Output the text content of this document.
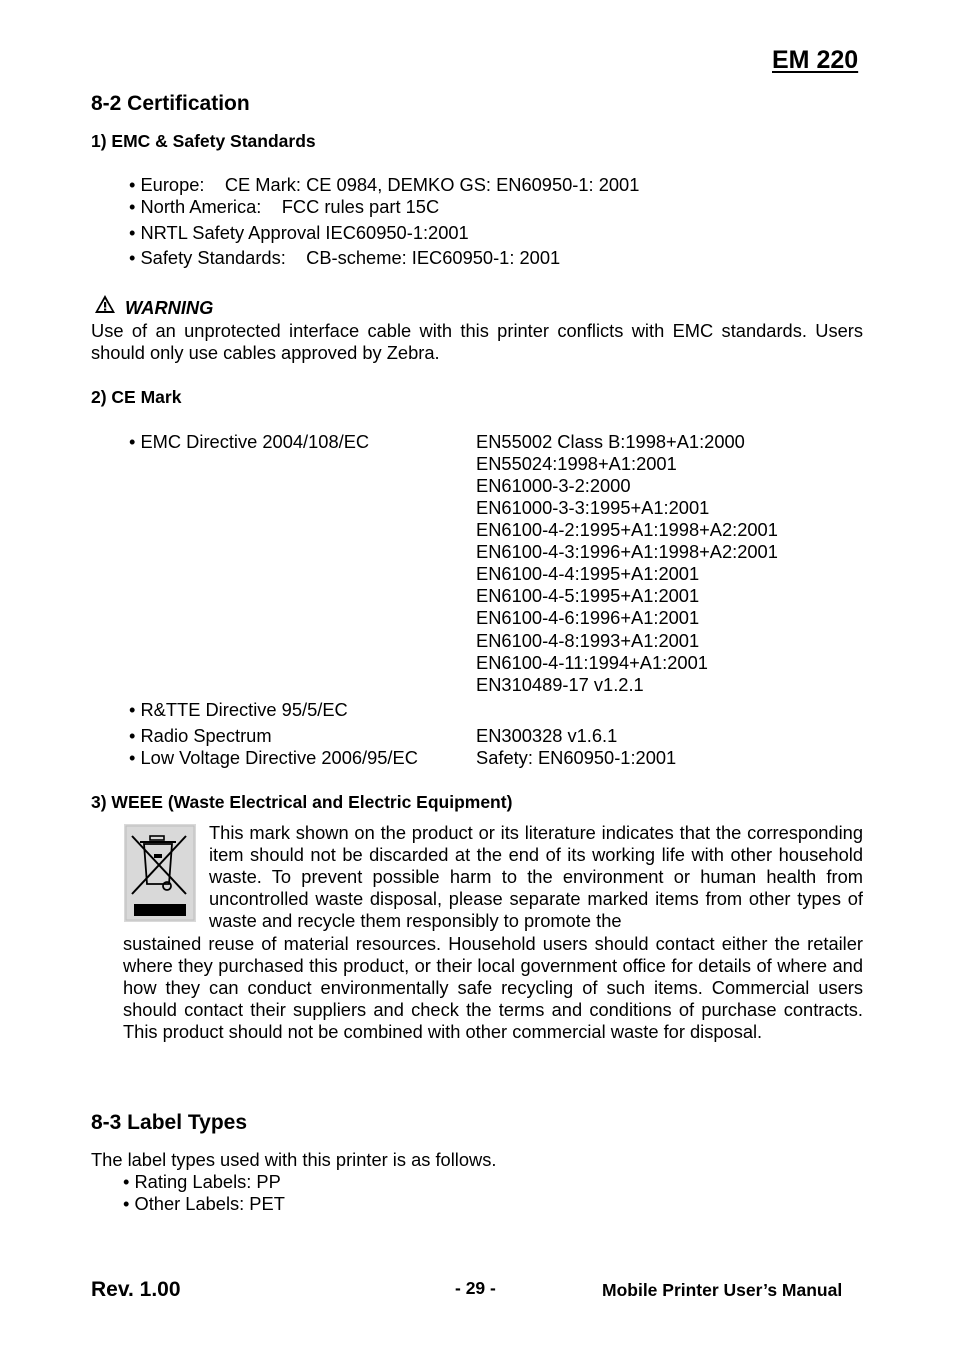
EM 220
8-2 Certification
1) EMC & Safety Standards
• Europe:    CE Mark: CE 0984, DEMKO GS: EN60950-1: 2001
• North America:    FCC rules part 15C
• NRTL Safety Approval IEC60950-1:2001
• Safety Standards:    CB-scheme: IEC60950-1: 2001
WARNING
Use of an unprotected interface cable with this printer conflicts with EMC standards. Users should only use cables approved by Zebra.
2) CE Mark
• EMC Directive 2004/108/EC	EN55002 Class B:1998+A1:2000
EN55024:1998+A1:2001
EN61000-3-2:2000
EN61000-3-3:1995+A1:2001
EN6100-4-2:1995+A1:1998+A2:2001
EN6100-4-3:1996+A1:1998+A2:2001
EN6100-4-4:1995+A1:2001
EN6100-4-5:1995+A1:2001
EN6100-4-6:1996+A1:2001
EN6100-4-8:1993+A1:2001
EN6100-4-11:1994+A1:2001
EN310489-17 v1.2.1
• R&TTE Directive 95/5/EC
• Radio Spectrum	EN300328 v1.6.1
• Low Voltage Directive 2006/95/EC	Safety: EN60950-1:2001
3) WEEE (Waste Electrical and Electric Equipment)
This mark shown on the product or its literature indicates that the corresponding item should not be discarded at the end of its working life with other household waste. To prevent possible harm to the environment or human health from uncontrolled waste disposal, please separate marked items from other types of waste and recycle them responsibly to promote the
sustained reuse of material resources. Household users should contact either the retailer where they purchased this product, or their local government office for details of where and how they can conduct environmentally safe recycling of such items. Commercial users should contact their suppliers and check the terms and conditions of purchase contracts. This product should not be combined with other commercial waste for disposal.
8-3 Label Types
The label types used with this printer is as follows.
• Rating Labels: PP
• Other Labels: PET
Rev. 1.00	- 29 -	Mobile Printer User’s Manual
